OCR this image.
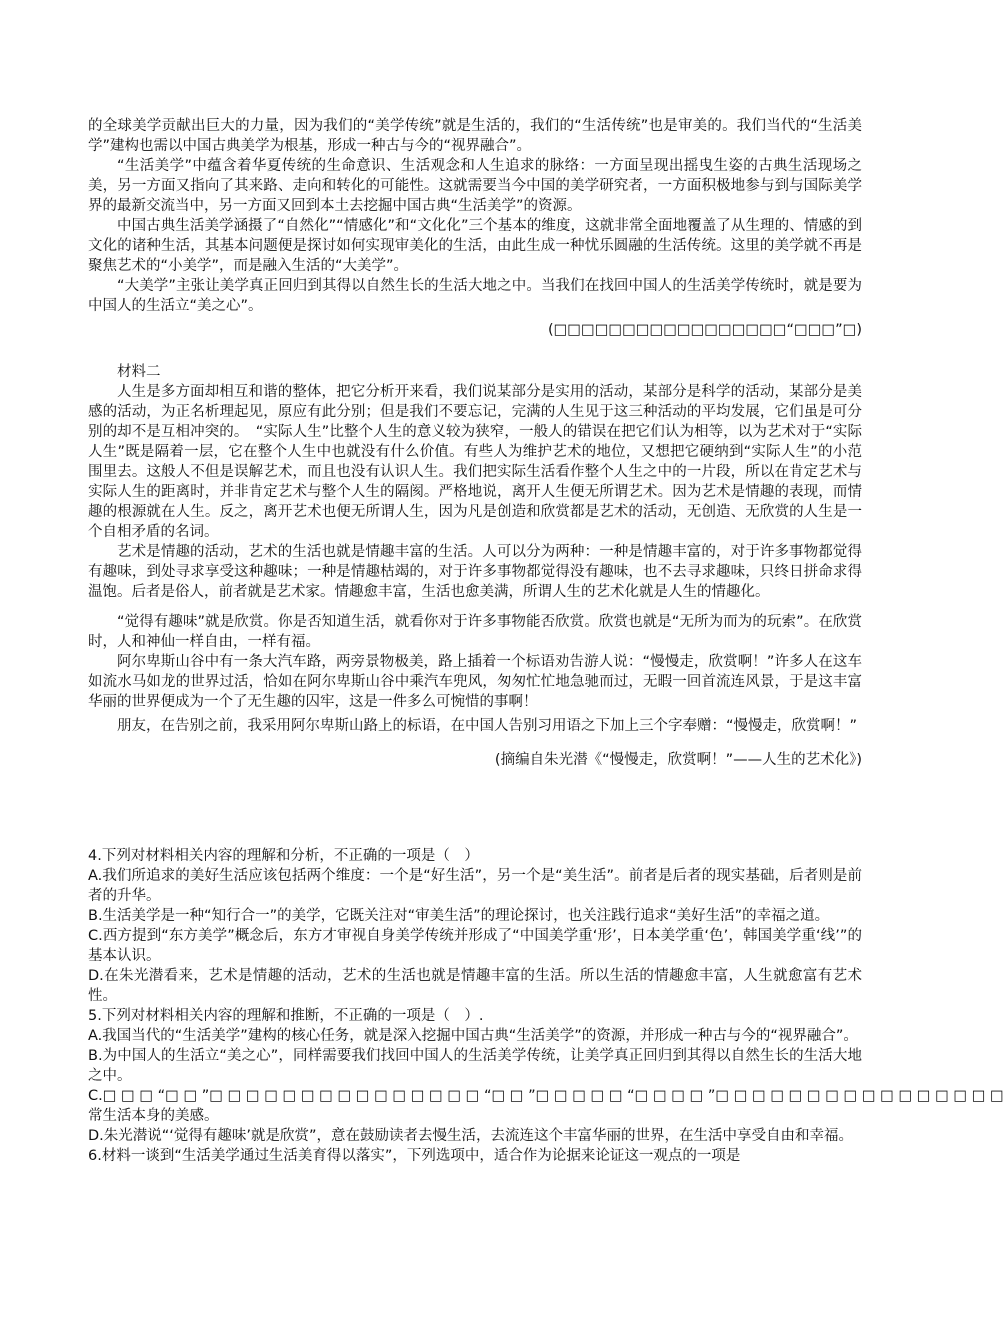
的全球美学贡献出巨大的力量，因为我们的“美学传统”就是生活的，我们的“生活传统”也是审美的。我们当代的“生活美学”建构也需以中国古典美学为根基，形成一种古与今的“视界融合”。

“生活美学”中蕴含着华夏传统的生命意识、生活观念和人生追求的脉络：一方面呈现出摇曳生姿的古典生活现场之美，另一方面又指向了其来路、走向和转化的可能性。这就需要当今中国的美学研究者，一方面积极地参与到与国际美学界的最新交流当中，另一方面又回到本土去挖掘中国古典“生活美学”的资源。

中国古典生活美学涵摄了“自然化”“情感化”和“文化化”三个基本的维度，这就非常全面地覆盖了从生理的、情感的到文化的诸种生活，其基本问题便是探讨如何实现审美化的生活，由此生成一种忧乐圆融的生活传统。这里的美学就不再是聚焦艺术的“小美学”，而是融入生活的“大美学”。

“大美学”主张让美学真正回归到其得以自然生长的生活大地之中。当我们在找回中国人的生活美学传统时，就是要为中国人的生活立“美之心”。

(□□□□□□□□□□□□□□□□□“□□□”□)

材料二

人生是多方面却相互和谐的整体，把它分析开来看，我们说某部分是实用的活动，某部分是科学的活动，某部分是美感的活动，为正名析理起见，原应有此分别；但是我们不要忘记，完满的人生见于这三种活动的平均发展，它们虽是可分别的却不是互相冲突的。　“实际人生”比整个人生的意义较为狭窄，一般人的错误在把它们认为相等，以为艺术对于“实际人生”既是隔着一层，它在整个人生中也就没有什么价值。有些人为维护艺术的地位，又想把它硬纳到“实际人生”的小范围里去。这般人不但是误解艺术，而且也没有认识人生。我们把实际生活看作整个人生之中的一片段，所以在肯定艺术与实际人生的距离时，并非肯定艺术与整个人生的隔阂。严格地说，离开人生便无所谓艺术。因为艺术是情趣的表现，而情趣的根源就在人生。反之，离开艺术也便无所谓人生，因为凡是创造和欣赏都是艺术的活动，无创造、无欣赏的人生是一个自相矛盾的名词。

艺术是情趣的活动，艺术的生活也就是情趣丰富的生活。人可以分为两种：一种是情趣丰富的，对于许多事物都觉得有趣味，到处寻求享受这种趣味；一种是情趣枯竭的，对于许多事物都觉得没有趣味，也不去寻求趣味，只终日拼命求得温饱。后者是俗人，前者就是艺术家。情趣愈丰富，生活也愈美满，所谓人生的艺术化就是人生的情趣化。

“觉得有趣味”就是欣赏。你是否知道生活，就看你对于许多事物能否欣赏。欣赏也就是“无所为而为的玩索”。在欣赏时，人和神仙一样自由，一样有福。

阿尔卑斯山谷中有一条大汽车路，两旁景物极美，路上插着一个标语劝告游人说：“慢慢走，欣赏啊！”许多人在这车如流水马如龙的世界过活，恰如在阿尔卑斯山谷中乘汽车兜风，匆匆忙忙地急驰而过，无暇一回首流连风景，于是这丰富华丽的世界便成为一个了无生趣的囚牢，这是一件多么可惋惜的事啊！

朋友，在告别之前，我采用阿尔卑斯山路上的标语，在中国人告别习用语之下加上三个字奉赠：“慢慢走，欣赏啊！”

(摘编自朱光潜《“慢慢走，欣赏啊！”——人生的艺术化》)

4.下列对材料相关内容的理解和分析，不正确的一项是（　）

A.我们所追求的美好生活应该包括两个维度：一个是“好生活”，另一个是“美生活”。前者是后者的现实基础，后者则是前者的升华。

B.生活美学是一种“知行合一”的美学，它既关注对“审美生活”的理论探讨，也关注践行追求“美好生活”的幸福之道。

C.西方提到“东方美学”概念后，东方才审视自身美学传统并形成了“中国美学重‘形’，日本美学重‘色’，韩国美学重‘线’”的基本认识。

D.在朱光潜看来，艺术是情趣的活动，艺术的生活也就是情趣丰富的生活。所以生活的情趣愈丰富，人生就愈富有艺术性。

5.下列对材料相关内容的理解和推断，不正确的一项是（　）.

A.我国当代的“生活美学”建构的核心任务，就是深入挖掘中国古典“生活美学”的资源，并形成一种古与今的“视界融合”。

B.为中国人的生活立“美之心”，同样需要我们找回中国人的生活美学传统，让美学真正回归到其得以自然生长的生活大地之中。

C.□ □ □ “□ □ ”□ □ □ □ □ □ □ □ □ □ □ □ □ □ □ “□ □ ”□ □ □ □ □ “□ □ □ □ ”□ □ □ □ □ □ □ □ □ □ □ □ □ □ □ □

常生活本身的美感。

D.朱光潜说“‘觉得有趣味’就是欣赏”，意在鼓励读者去慢生活，去流连这个丰富华丽的世界，在生活中享受自由和幸福。

6.材料一谈到“生活美学通过生活美育得以落实”，下列选项中，适合作为论据来论证这一观点的一项是
